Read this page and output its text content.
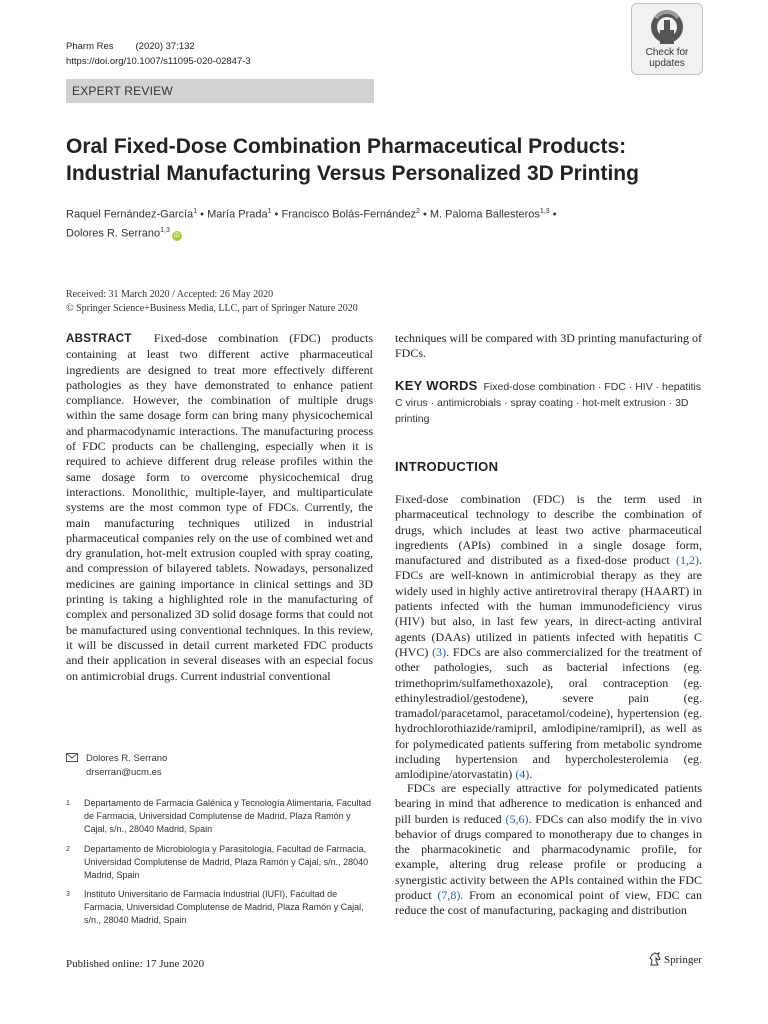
Pharm Res (2020) 37:132
https://doi.org/10.1007/s11095-020-02847-3
Check for
updates
EXPERT REVIEW
Oral Fixed-Dose Combination Pharmaceutical Products: Industrial Manufacturing Versus Personalized 3D Printing
Raquel Fernández-García$^1$ • María Prada$^1$ • Francisco Bolás-Fernández$^2$ • M. Paloma Ballesteros$^{1,3}$ •
Dolores R. Serrano$^{1,3}$iD
Received: 31 March 2020 / Accepted: 26 May 2020
© Springer Science+Business Media, LLC, part of Springer Nature 2020

ABSTRACT Fixed-dose combination (FDC) products containing at least two different active pharmaceutical ingredients are designed to treat more effectively different pathologies as they have demonstrated to enhance patient compliance. However, the combination of multiple drugs within the same dosage form can bring many physicochemical and pharmacodynamic interactions. The manufacturing process of FDC products can be challenging, especially when it is required to achieve different drug release profiles within the same dosage form to overcome physicochemical drug interactions. Monolithic, multiple-layer, and multiparticulate systems are the most common type of FDCs. Currently, the main manufacturing techniques utilized in industrial pharmaceutical companies rely on the use of combined wet and dry granulation, hot-melt extrusion coupled with spray coating, and compression of bilayered tablets. Nowadays, personalized medicines are gaining importance in clinical settings and 3D printing is taking a highlighted role in the manufacturing of complex and personalized 3D solid dosage forms that could not be manufactured using conventional techniques. In this review, it will be discussed in detail current marketed FDC products and their application in several diseases with an especial focus on antimicrobial drugs. Current industrial conventional

techniques will be compared with 3D printing manufacturing of FDCs.

KEY WORDS Fixed-dose combination · FDC · HIV · hepatitis C virus · antimicrobials · spray coating · hot-melt extrusion · 3D printing
INTRODUCTION

Fixed-dose combination (FDC) is the term used in pharmaceutical technology to describe the combination of drugs, which includes at least two active pharmaceutical ingredients (APIs) combined in a single dosage form, manufactured and distributed as a fixed-dose product (1,2). FDCs are well-known in antimicrobial therapy as they are widely used in highly active antiretroviral therapy (HAART) in patients infected with the human immunodeficiency virus (HIV) but also, in last few years, in direct-acting antiviral agents (DAAs) utilized in patients infected with hepatitis C (HVC) (3). FDCs are also commercialized for the treatment of other pathologies, such as bacterial infections (eg. trimethoprim/sulfamethoxazole), oral contraception (eg. ethinylestradiol/gestodene), severe pain (eg. tramadol/paracetamol, paracetamol/codeine), hypertension (eg. hydrochlorothiazide/ramipril, amlodipine/ramipril), as well as for polymedicated patients suffering from metabolic syndrome including hypertension and hypercholesterolemia (eg. amlodipine/atorvastatin) (4).

FDCs are especially attractive for polymedicated patients bearing in mind that adherence to medication is enhanced and pill burden is reduced (5,6). FDCs can also modify the in vivo behavior of drugs compared to monotherapy due to changes in the pharmacokinetic and pharmacodynamic profile, for example, altering drug release profile or producing a synergistic activity between the APIs contained within the FDC product (7,8). From an economical point of view, FDC can reduce the cost of manufacturing, packaging and distribution

Dolores R. Serrano
drserran@ucm.es
1 Departamento de Farmacia Galénica y Tecnología Alimentaria, Facultad de Farmacia, Universidad Complutense de Madrid, Plaza Ramón y Cajal, s/n., 28040 Madrid, Spain
2 Departamento de Microbiología y Parasitología, Facultad de Farmacia, Universidad Complutense de Madrid, Plaza Ramón y Cajal, s/n., 28040 Madrid, Spain
3 Instituto Universitario de Farmacia Industrial (IUFI), Facultad de Farmacia, Universidad Complutense de Madrid, Plaza Ramón y Cajal, s/n., 28040 Madrid, Spain
Published online: 17 June 2020	Springer
